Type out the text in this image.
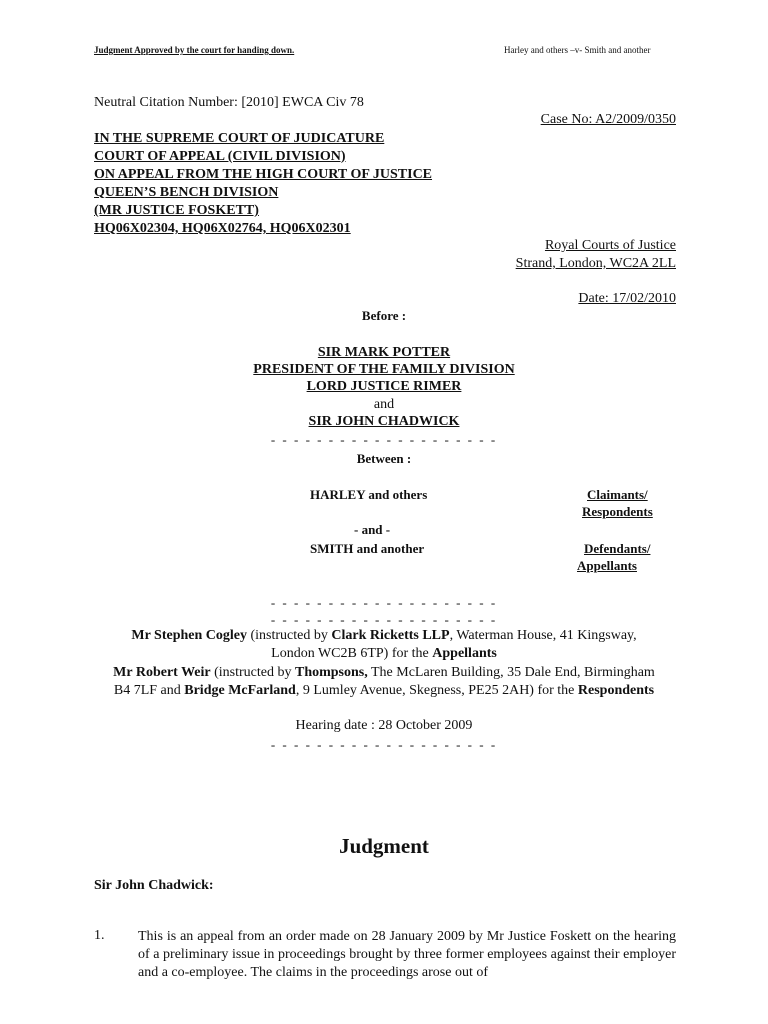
Judgment Approved by the court for handing down.	Harley and others –v- Smith and another
Neutral Citation Number: [2010] EWCA Civ 78
Case No: A2/2009/0350
IN THE SUPREME COURT OF JUDICATURE
COURT OF APPEAL (CIVIL DIVISION)
ON APPEAL FROM THE HIGH COURT OF JUSTICE
QUEEN’S BENCH DIVISION
(MR JUSTICE FOSKETT)
HQ06X02304, HQ06X02764, HQ06X02301
Royal Courts of Justice
Strand, London, WC2A 2LL
Date: 17/02/2010
Before :
SIR MARK POTTER
PRESIDENT OF THE FAMILY DIVISION
LORD JUSTICE RIMER
and
SIR JOHN CHADWICK
- - - - - - - - - - - - - - - - - - - -
Between :
HARLEY and others	Claimants/
Respondents
- and -
SMITH and another	Defendants/
Appellants
- - - - - - - - - - - - - - - - - - - -
- - - - - - - - - - - - - - - - - - - -
Mr Stephen Cogley (instructed by Clark Ricketts LLP, Waterman House, 41 Kingsway,
London WC2B 6TP) for the Appellants
Mr Robert Weir (instructed by Thompsons, The McLaren Building, 35 Dale End, Birmingham
B4 7LF and Bridge McFarland, 9 Lumley Avenue, Skegness, PE25 2AH) for the Respondents
Hearing date : 28 October 2009
- - - - - - - - - - - - - - - - - - - -
Judgment
Sir John Chadwick:
1. This is an appeal from an order made on 28 January 2009 by Mr Justice Foskett on the hearing of a preliminary issue in proceedings brought by three former employees against their employer and a co-employee. The claims in the proceedings arose out of
